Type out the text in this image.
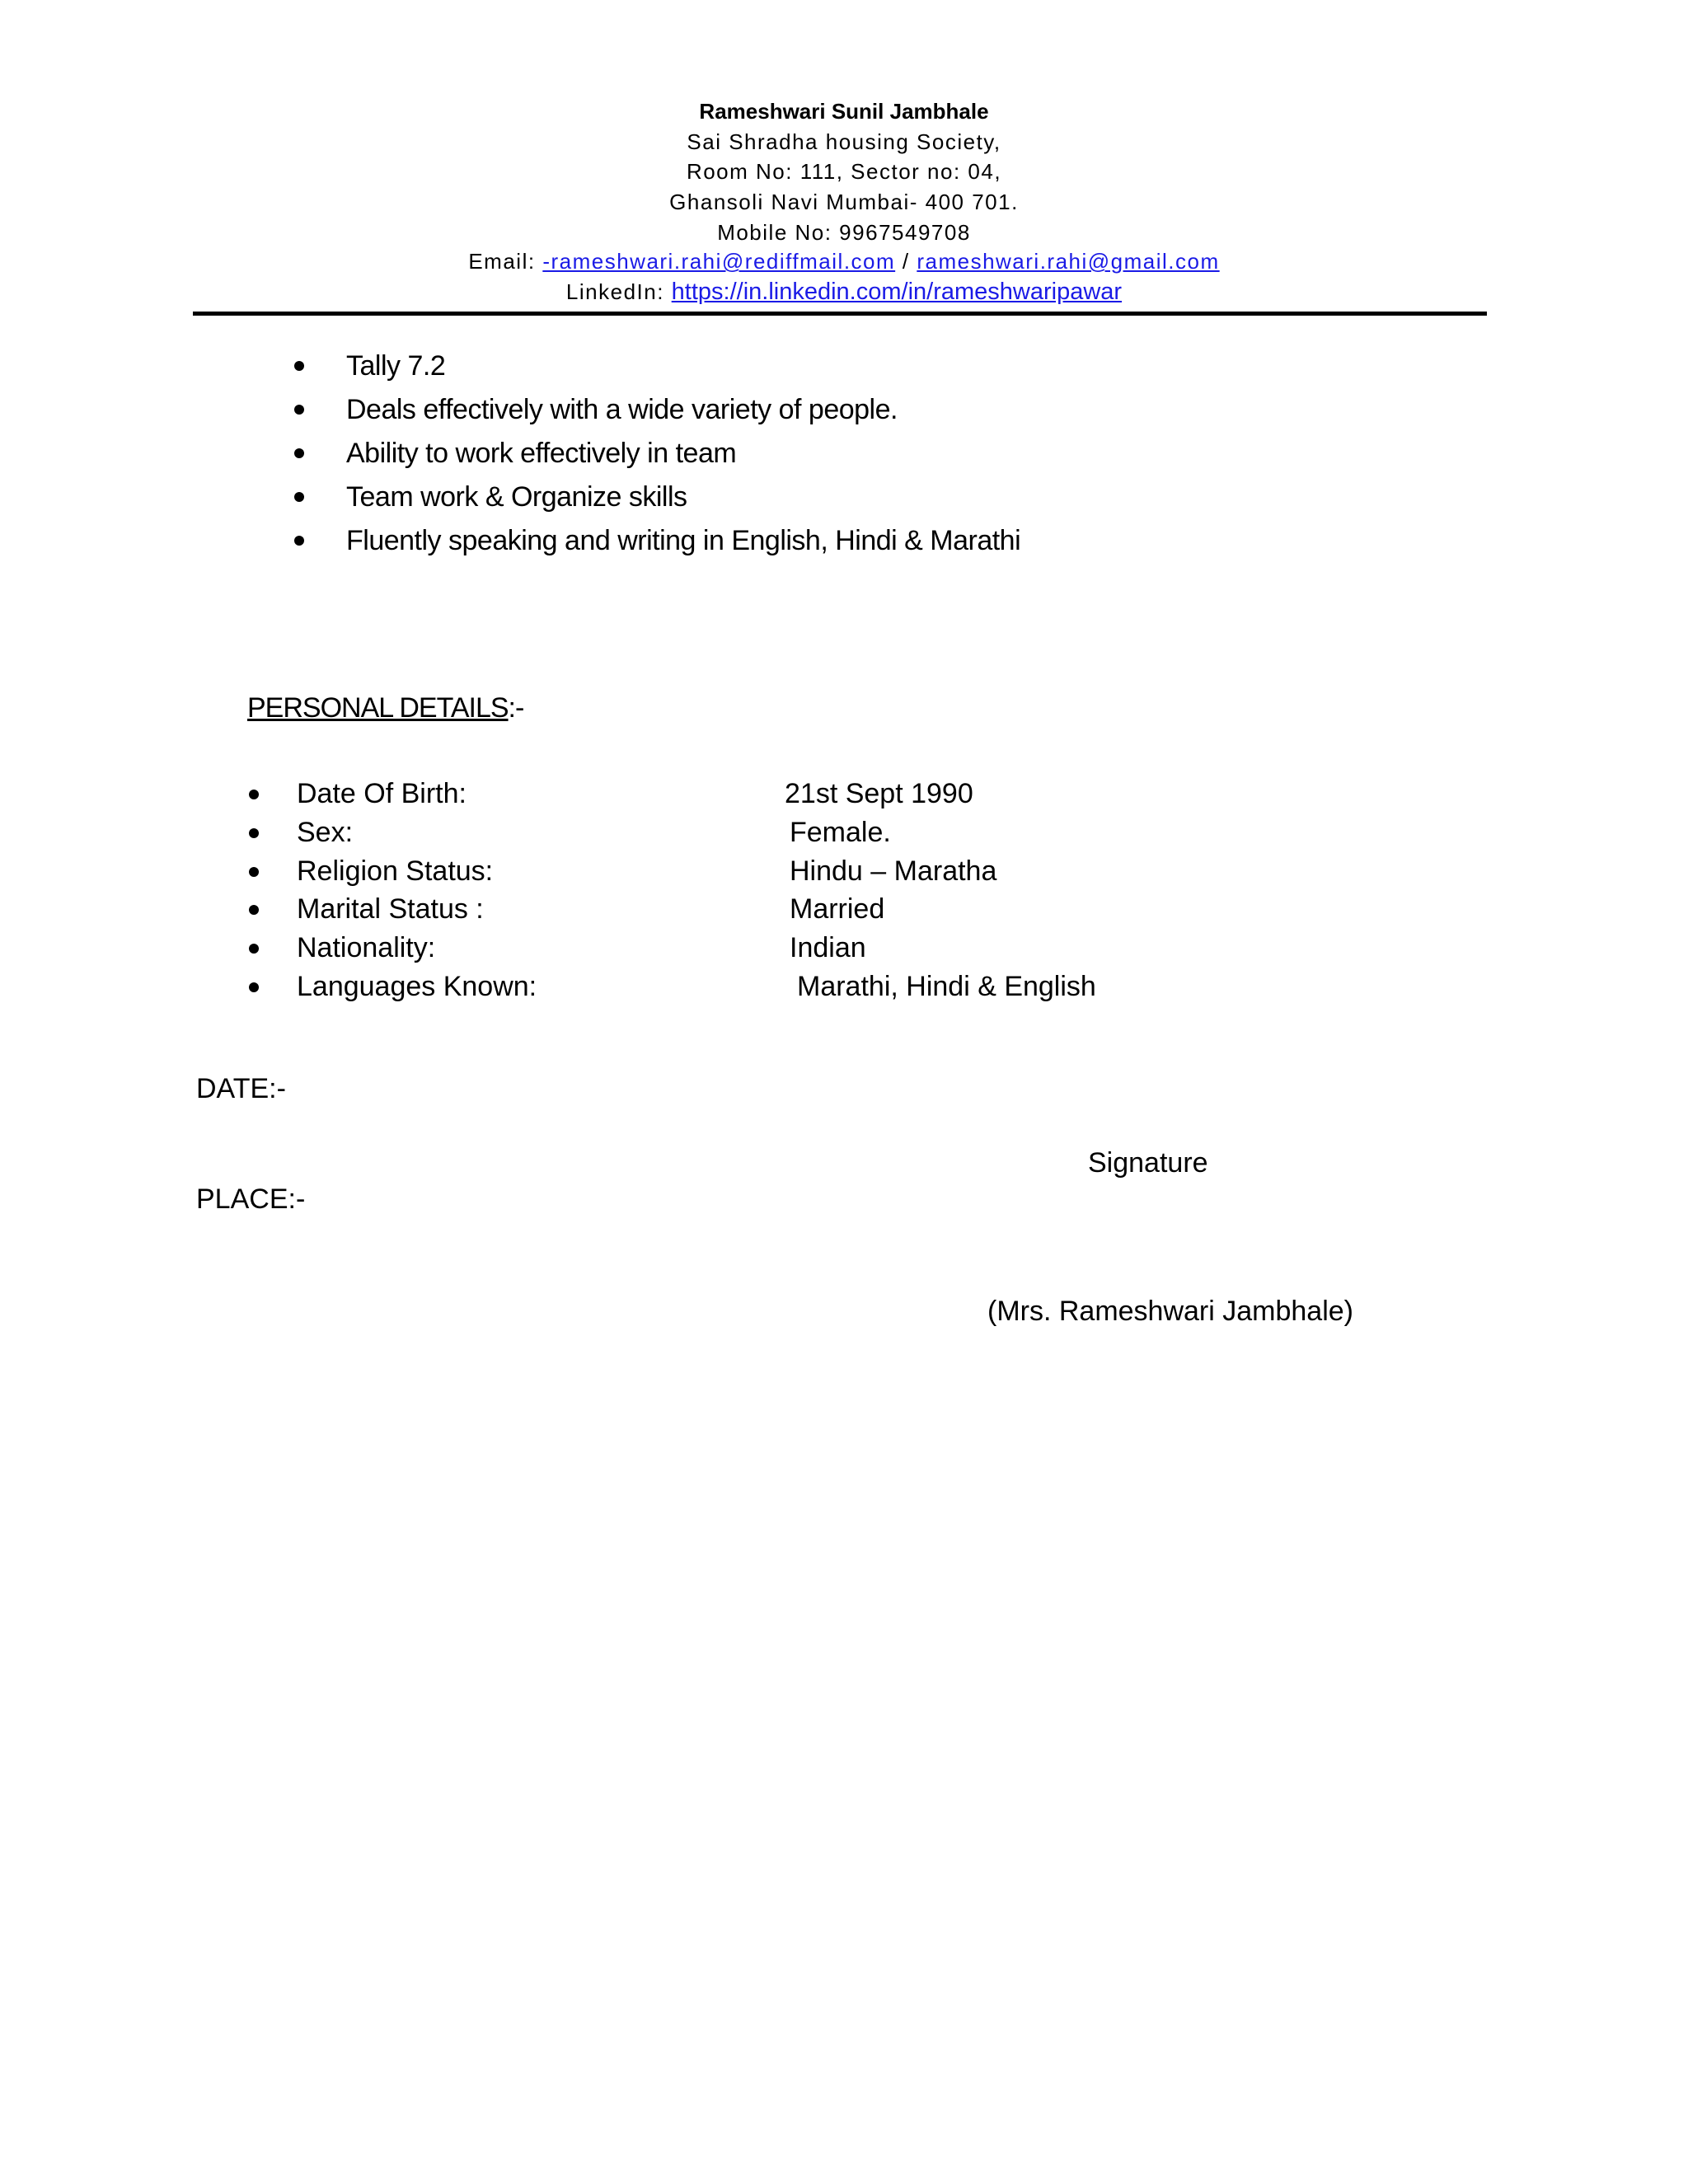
Rameshwari Sunil Jambhale
Sai Shradha housing Society,
Room No: 111, Sector no: 04,
Ghansoli Navi Mumbai- 400 701.
Mobile No: 9967549708
Email: -rameshwari.rahi@rediffmail.com / rameshwari.rahi@gmail.com
LinkedIn: https://in.linkedin.com/in/rameshwaripawar
Tally 7.2
Deals effectively with a wide variety of people.
Ability to work effectively in team
Team work & Organize skills
Fluently speaking and writing in English, Hindi & Marathi
PERSONAL DETAILS:-
Date Of Birth:	21st Sept 1990
Sex:	Female.
Religion Status:	Hindu – Maratha
Marital Status :	Married
Nationality:	Indian
Languages Known:	Marathi, Hindi & English
DATE:-
Signature
PLACE:-
(Mrs. Rameshwari Jambhale)
